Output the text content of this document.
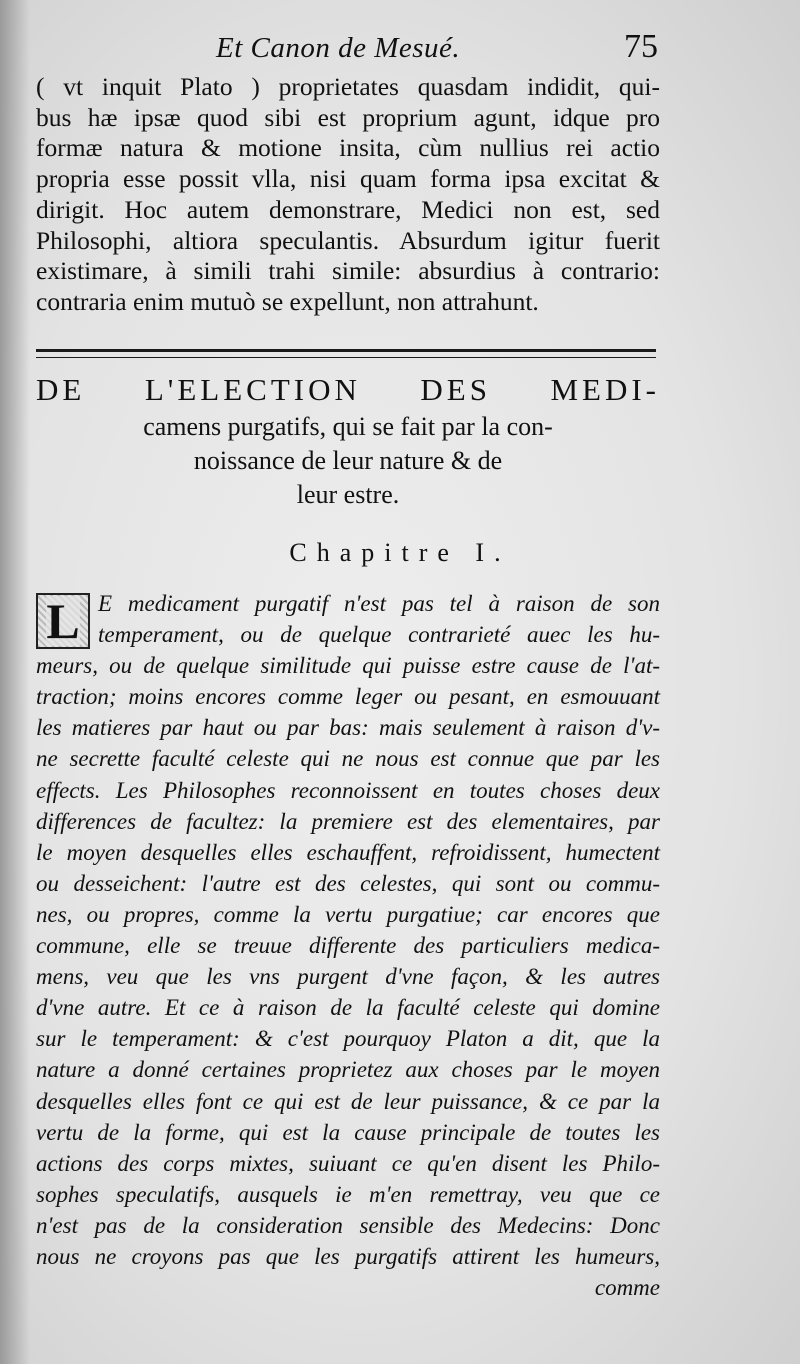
Et Canon de Mesué.	75
( vt inquit Plato ) proprietates quasdam indidit, qui-
bus hæ ipsæ quod sibi est proprium agunt, idque pro
formæ natura & motione insita, cùm nullius rei actio
propria esse possit vlla, nisi quam forma ipsa excitat &
dirigit. Hoc autem demonstrare, Medici non est, sed
Philosophi, altiora speculantis. Absurdum igitur fuerit
existimare, à simili trahi simile: absurdius à contrario:
contraria enim mutuò se expellunt, non attrahunt.
DE L'ELECTION DES MEDI-
camens purgatifs, qui se fait par la con-
noissance de leur nature & de
leur estre.
Chapitre I.
L E medicament purgatif n'est pas tel à raison de son
temperament, ou de quelque contrarieté auec les hu-
meurs, ou de quelque similitude qui puisse estre cause de l'at-
traction; moins encores comme leger ou pesant, en esmouuant
les matieres par haut ou par bas: mais seulement à raison d'v-
ne secrette faculté celeste qui ne nous est connue que par les
effects. Les Philosophes reconnoissent en toutes choses deux
differences de facultez: la premiere est des elementaires, par
le moyen desquelles elles eschauffent, refroidissent, humectent
ou desseichent: l'autre est des celestes, qui sont ou commu-
nes, ou propres, comme la vertu purgatiue; car encores que
commune, elle se treuue differente des particuliers medica-
mens, veu que les vns purgent d'vne façon, & les autres
d'vne autre. Et ce à raison de la faculté celeste qui domine
sur le temperament: & c'est pourquoy Platon a dit, que la
nature a donné certaines proprietez aux choses par le moyen
desquelles elles font ce qui est de leur puissance, & ce par la
vertu de la forme, qui est la cause principale de toutes les
actions des corps mixtes, suiuant ce qu'en disent les Philo-
sophes speculatifs, ausquels ie m'en remettray, veu que ce
n'est pas de la consideration sensible des Medecins: Donc
nous ne croyons pas que les purgatifs attirent les humeurs,
comme
